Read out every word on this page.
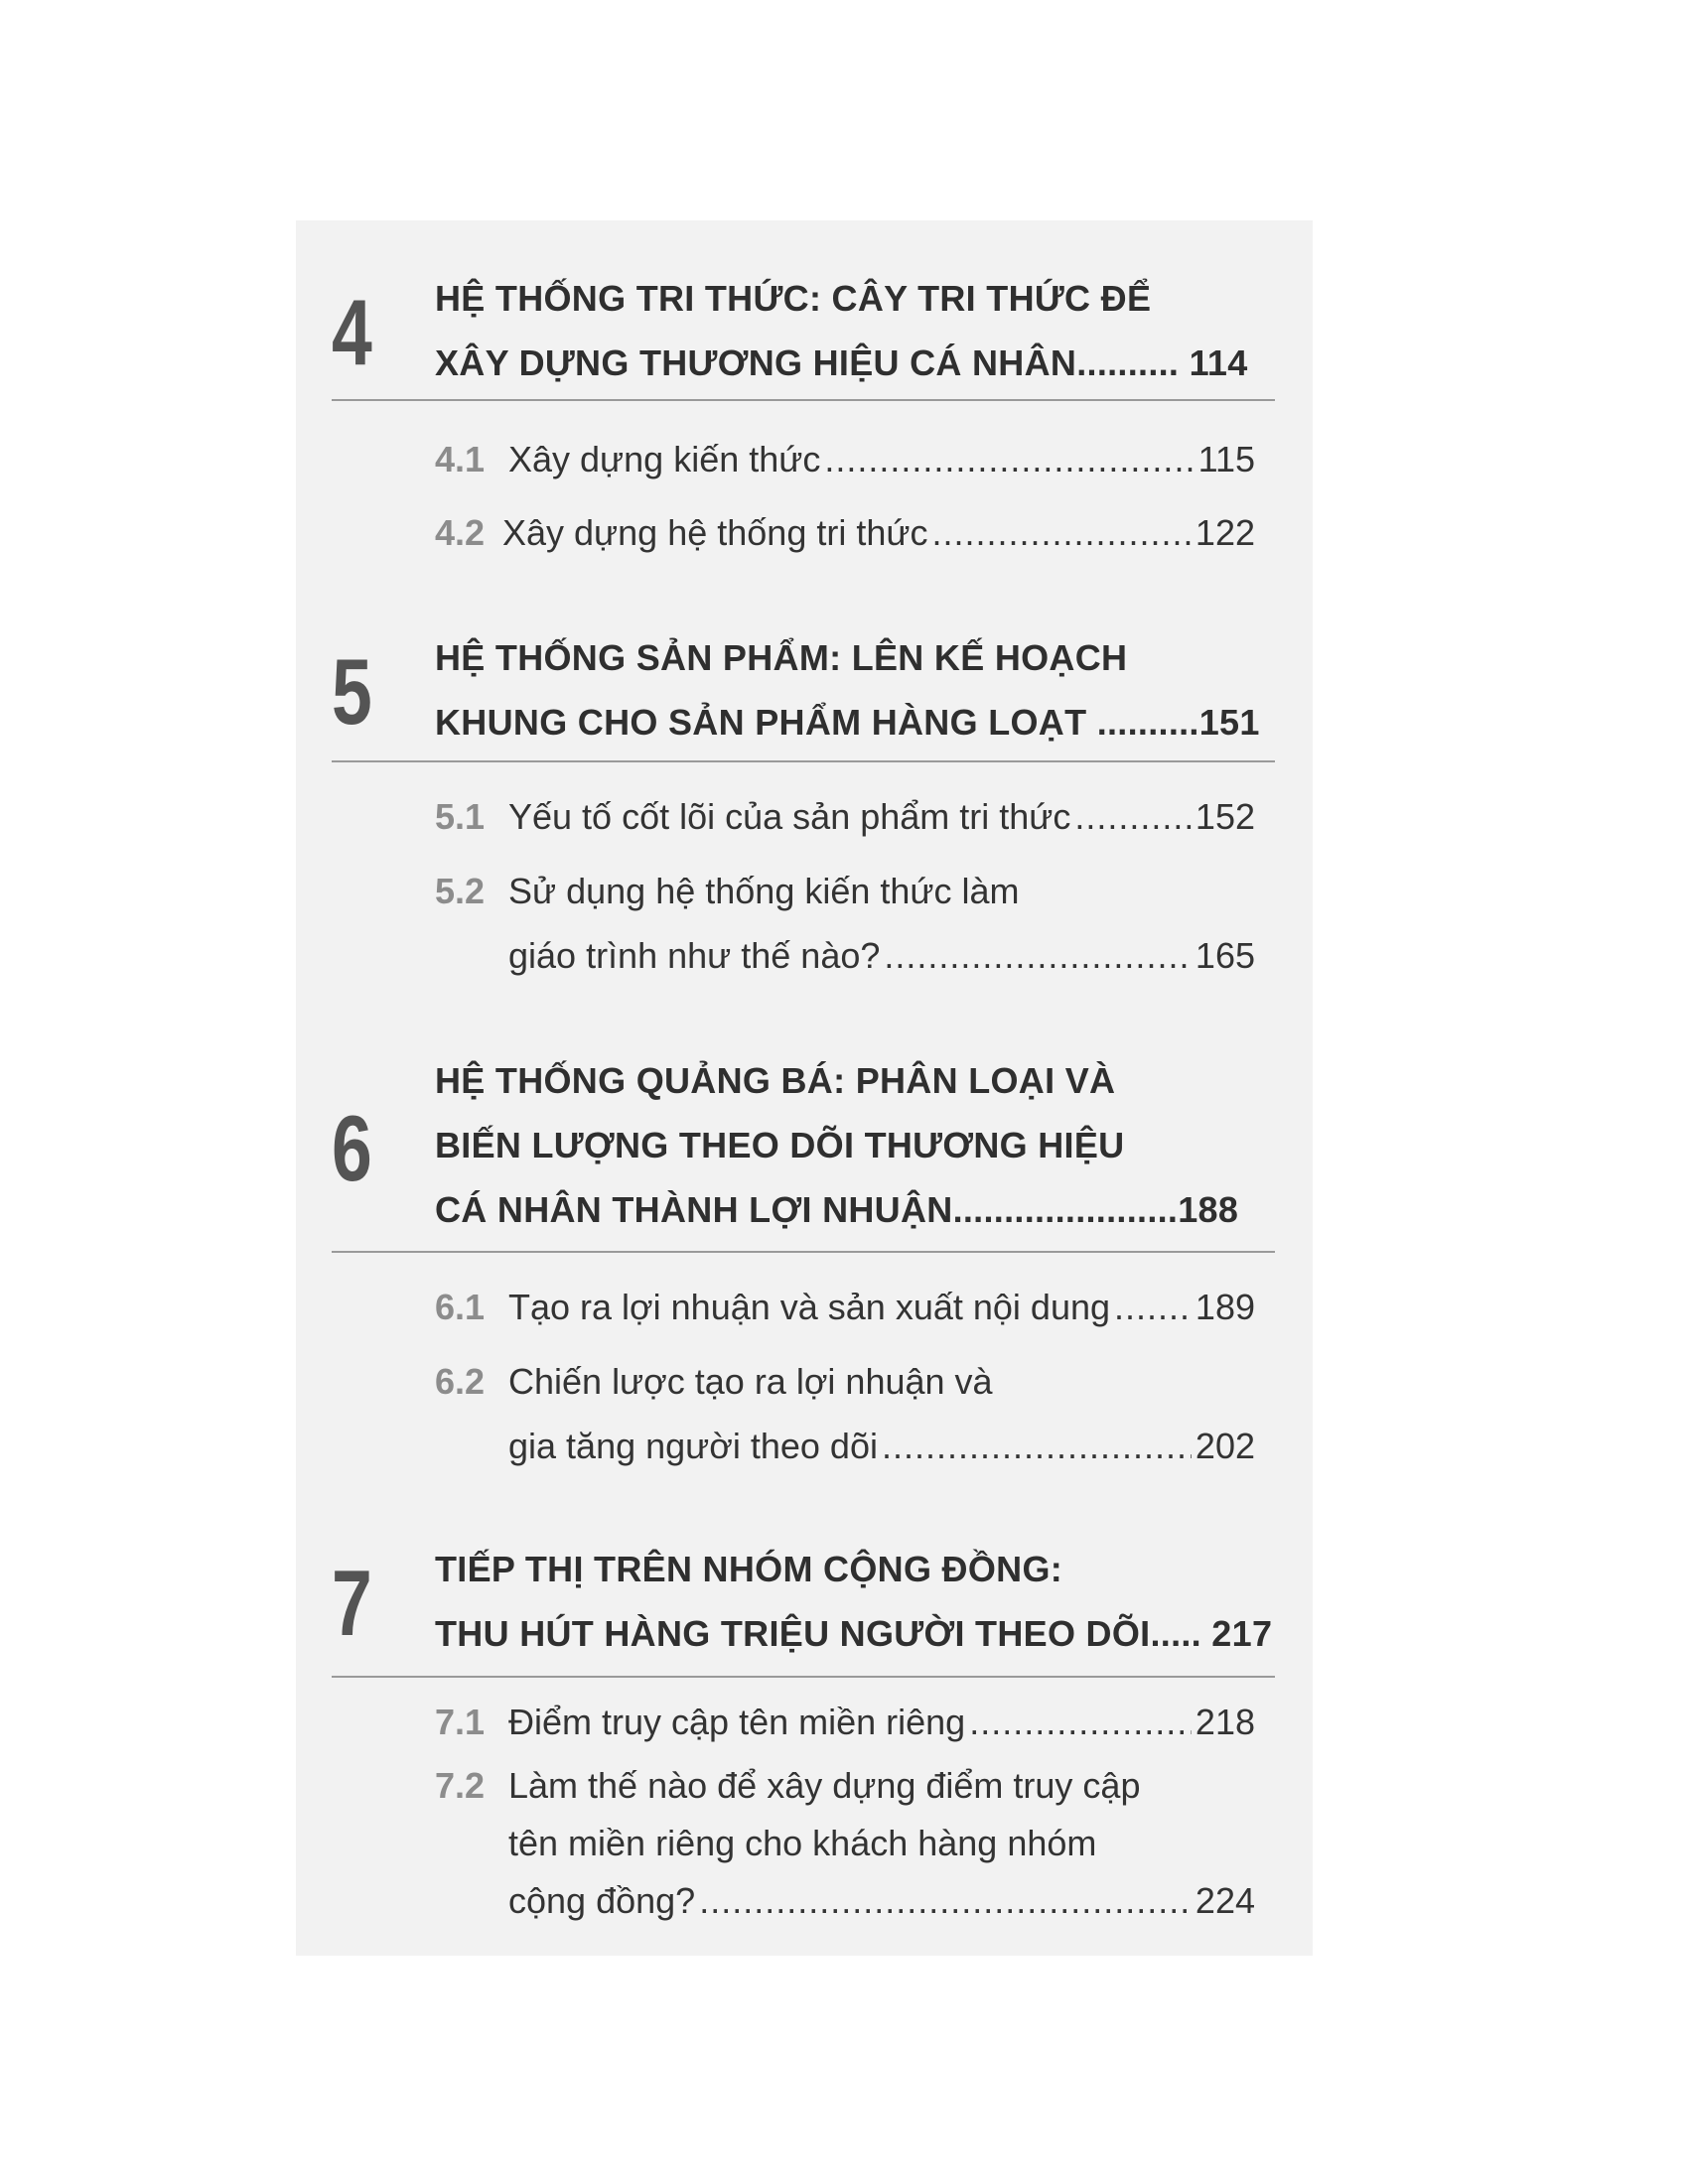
4 HỆ THỐNG TRI THỨC: CÂY TRI THỨC ĐỂ
XÂY DỰNG THƯƠNG HIỆU CÁ NHÂN.......... 114
4.1 Xây dựng kiến thức .....	115
4.2 Xây dựng hệ thống tri thức .....	122
5 HỆ THỐNG SẢN PHẨM: LÊN KẾ HOẠCH
KHUNG CHO SẢN PHẨM HÀNG LOẠT ..........151
5.1 Yếu tố cốt lõi của sản phẩm tri thức .....	152
5.2 Sử dụng hệ thống kiến thức làm
giáo trình như thế nào? .....	165
6
HỆ THỐNG QUẢNG BÁ: PHÂN LOẠI VÀ
BIẾN LƯỢNG THEO DÕI THƯƠNG HIỆU
CÁ NHÂN THÀNH LỢI NHUẬN......................188
6.1 Tạo ra lợi nhuận và sản xuất nội dung ..... 189
6.2 Chiến lược tạo ra lợi nhuận và
gia tăng người theo dõi .....	202
7 TIẾP THỊ TRÊN NHÓM CỘNG ĐỒNG:
THU HÚT HÀNG TRIỆU NGƯỜI THEO DÕI..... 217
7.1 Điểm truy cập tên miền riêng .....	218
7.2 Làm thế nào để xây dựng điểm truy cập
tên miền riêng cho khách hàng nhóm
cộng đồng? .....	224
